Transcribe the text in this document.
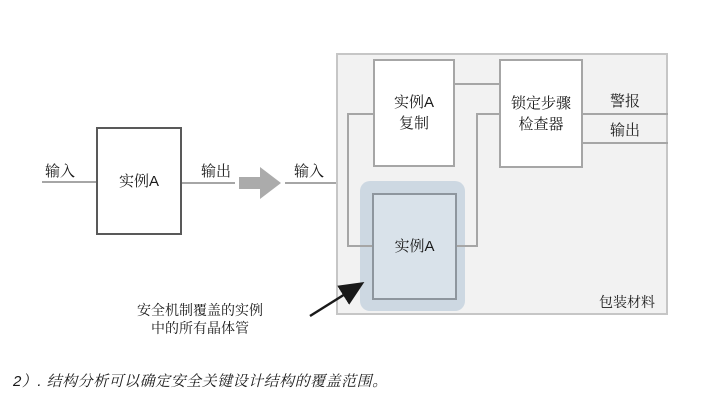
输入
实例A
输出	输入
实例A
复制
锁定步骤
检查器
实例A
警报
输出
包装材料
安全机制覆盖的实例
中的所有晶体管
2）. 结构分析可以确定安全关键设计结构的覆盖范围。
